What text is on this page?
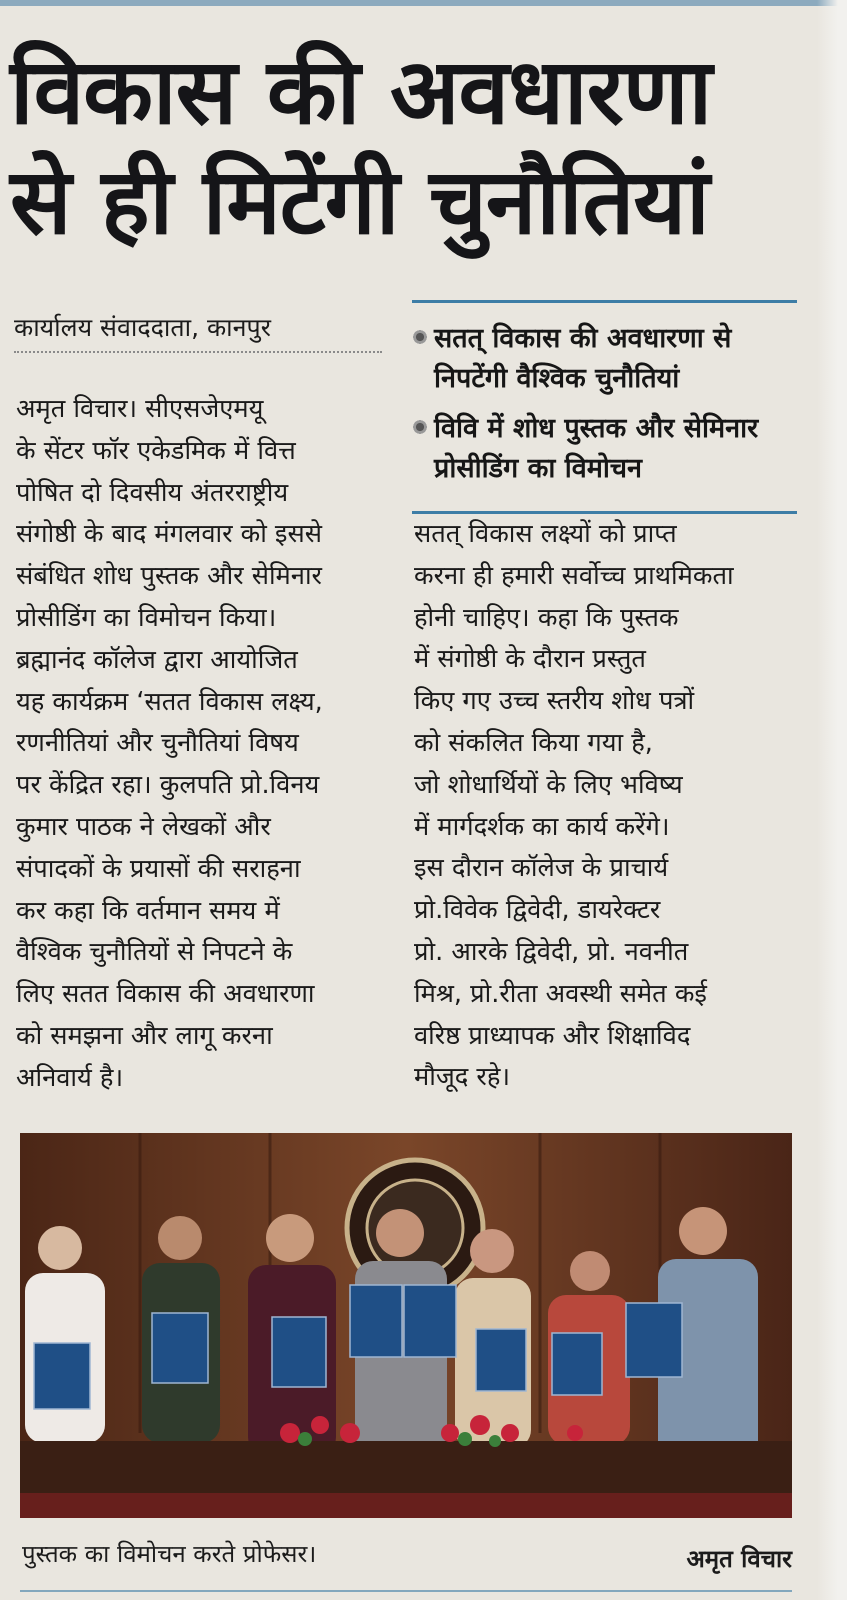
विकास की अवधारणा
से ही मिटेंगी चुनौतियां
कार्यालय संवाददाता, कानपुर	सतत् विकास की अवधारणा से निपटेंगी वैश्विक चुनौतियां
विवि में शोध पुस्तक और सेमिनार प्रोसीडिंग का विमोचन
अमृत विचार। सीएसजेएमयू
के सेंटर फॉर एकेडमिक में वित्त
पोषित दो दिवसीय अंतरराष्ट्रीय
संगोष्ठी के बाद मंगलवार को इससे
संबंधित शोध पुस्तक और सेमिनार
प्रोसीडिंग का विमोचन किया।
ब्रह्मानंद कॉलेज द्वारा आयोजित
यह कार्यक्रम ‘सतत विकास लक्ष्य,
रणनीतियां और चुनौतियां विषय
पर केंद्रित रहा। कुलपति प्रो.विनय
कुमार पाठक ने लेखकों और
संपादकों के प्रयासों की सराहना
कर कहा कि वर्तमान समय में
वैश्विक चुनौतियों से निपटने के
लिए सतत विकास की अवधारणा
को समझना और लागू करना
अनिवार्य है।
सतत् विकास लक्ष्यों को प्राप्त
करना ही हमारी सर्वोच्च प्राथमिकता
होनी चाहिए। कहा कि पुस्तक
में संगोष्ठी के दौरान प्रस्तुत
किए गए उच्च स्तरीय शोध पत्रों
को संकलित किया गया है,
जो शोधार्थियों के लिए भविष्य
में मार्गदर्शक का कार्य करेंगे।
इस दौरान कॉलेज के प्राचार्य
प्रो.विवेक द्विवेदी, डायरेक्टर
प्रो. आरके द्विवेदी, प्रो. नवनीत
मिश्र, प्रो.रीता अवस्थी समेत कई
वरिष्ठ प्राध्यापक और शिक्षाविद
मौजूद रहे।
पुस्तक का विमोचन करते प्रोफेसर।	अमृत विचार
